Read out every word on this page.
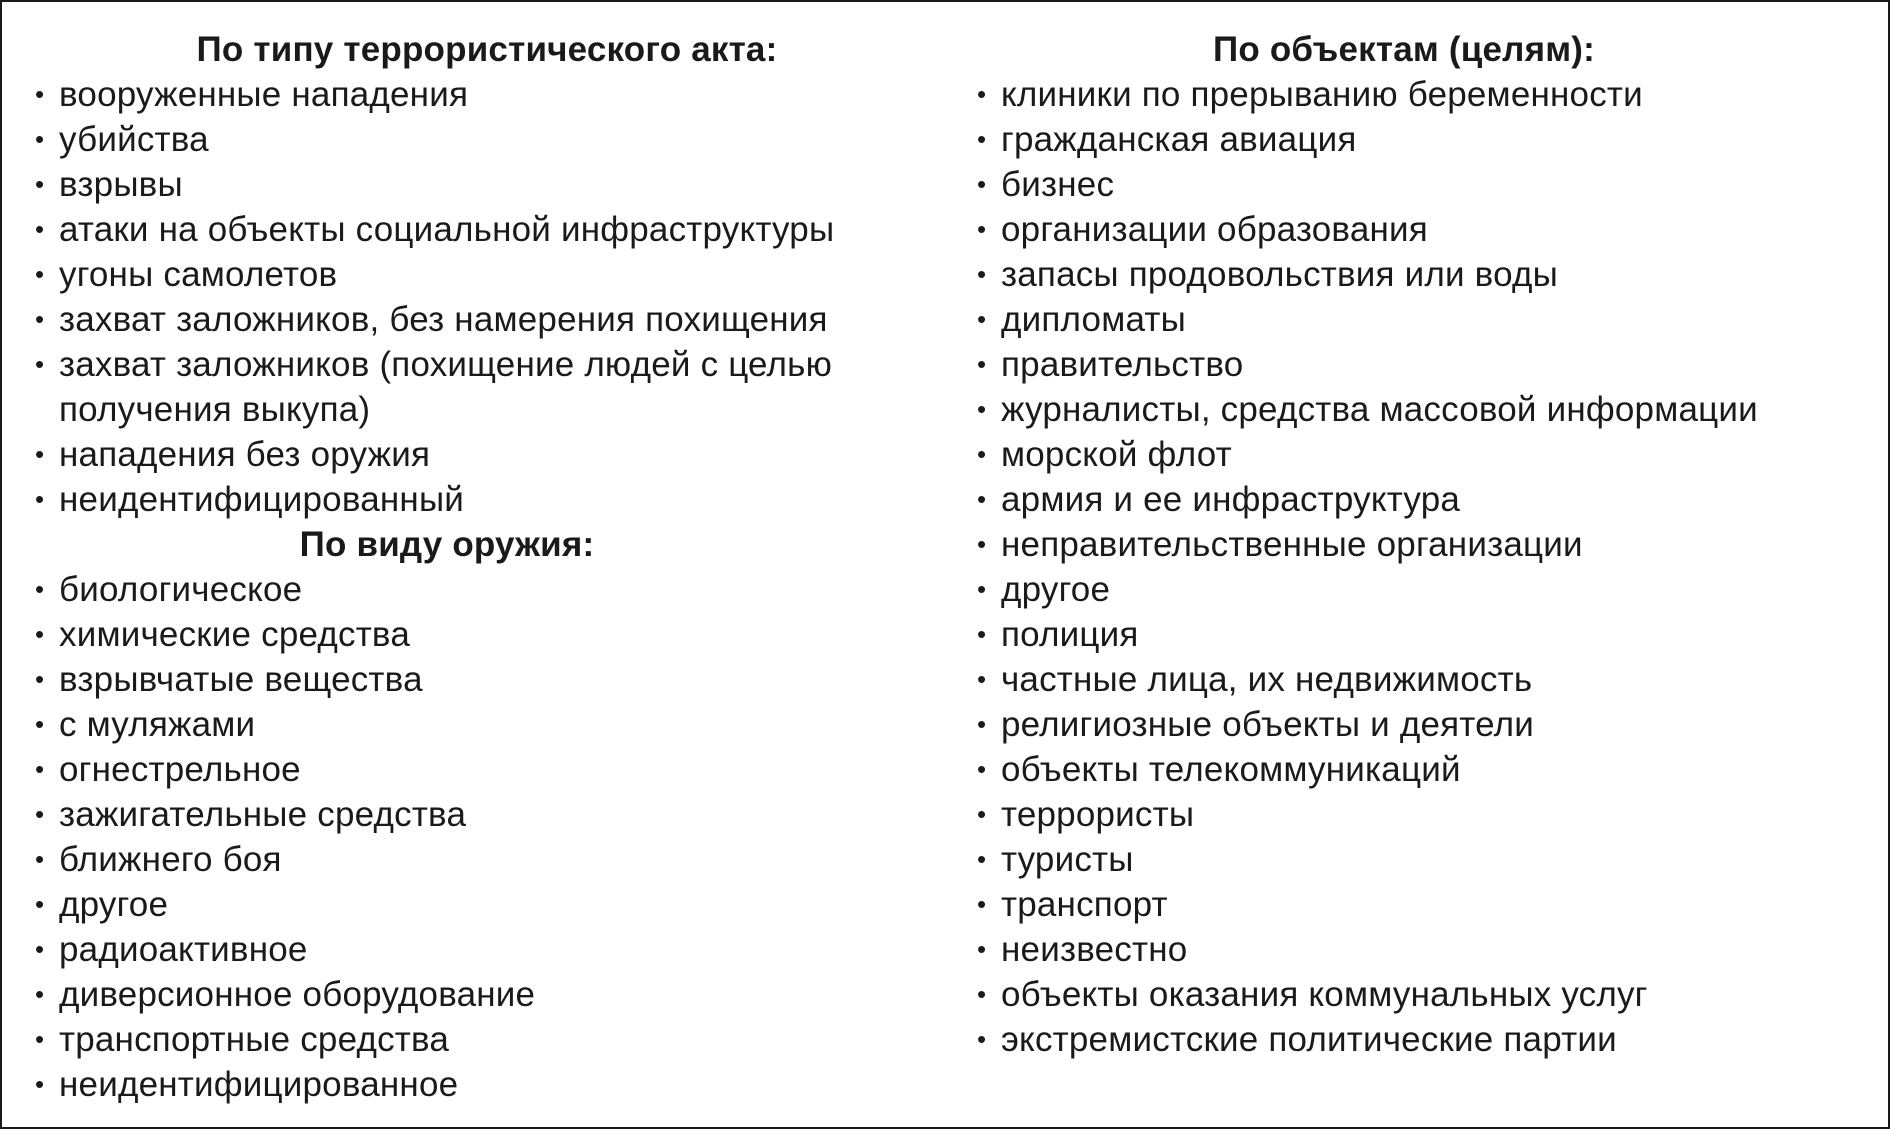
По типу террористического акта:
• вооруженные нападения
• убийства
• взрывы
• атаки на объекты социальной инфраструктуры
• угоны самолетов
• захват заложников, без намерения похищения
• захват заложников (похищение людей с целью получения выкупа)
• нападения без оружия
• неидентифицированный
По виду оружия:
• биологическое
• химические средства
• взрывчатые вещества
• с муляжами
• огнестрельное
• зажигательные средства
• ближнего боя
• другое
• радиоактивное
• диверсионное оборудование
• транспортные средства
• неидентифицированное
По объектам (целям):
• клиники по прерыванию беременности
• гражданская авиация
• бизнес
• организации образования
• запасы продовольствия или воды
• дипломаты
• правительство
• журналисты, средства массовой информации
• морской флот
• армия и ее инфраструктура
• неправительственные организации
• другое
• полиция
• частные лица, их недвижимость
• религиозные объекты и деятели
• объекты телекоммуникаций
• террористы
• туристы
• транспорт
• неизвестно
• объекты оказания коммунальных услуг
• экстремистские политические партии
